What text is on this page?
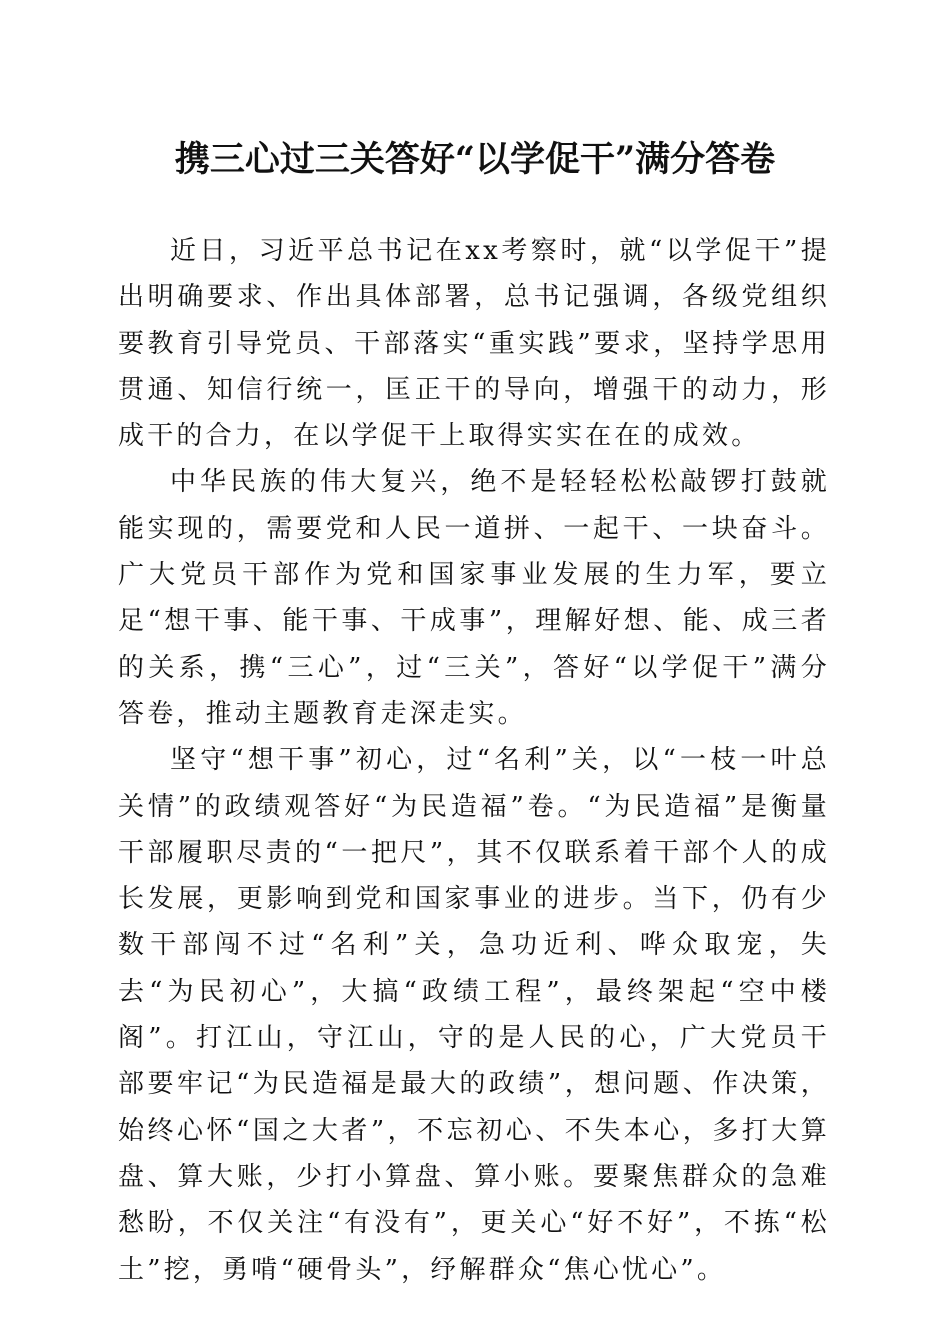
携三心过三关答好“以学促干”满分答卷

近日，习近平总书记在xx考察时，就“以学促干”提出明确要求、作出具体部署，总书记强调，各级党组织要教育引导党员、干部落实“重实践”要求，坚持学思用贯通、知信行统一，匡正干的导向，增强干的动力，形成干的合力，在以学促干上取得实实在在的成效。

中华民族的伟大复兴，绝不是轻轻松松敲锣打鼓就能实现的，需要党和人民一道拼、一起干、一块奋斗。广大党员干部作为党和国家事业发展的生力军，要立足“想干事、能干事、干成事”，理解好想、能、成三者的关系，携“三心”，过“三关”，答好“以学促干”满分答卷，推动主题教育走深走实。

坚守“想干事”初心，过“名利”关，以“一枝一叶总关情”的政绩观答好“为民造福”卷。“为民造福”是衡量干部履职尽责的“一把尺”，其不仅联系着干部个人的成长发展，更影响到党和国家事业的进步。当下，仍有少数干部闯不过“名利”关，急功近利、哗众取宠，失去“为民初心”，大搞“政绩工程”，最终架起“空中楼阁”。打江山，守江山，守的是人民的心，广大党员干部要牢记“为民造福是最大的政绩”，想问题、作决策，始终心怀“国之大者”，不忘初心、不失本心，多打大算盘、算大账，少打小算盘、算小账。要聚焦群众的急难愁盼，不仅关注“有没有”，更关心“好不好”，不拣“松土”挖，勇啃“硬骨头”，纾解群众“焦心忧心”。
